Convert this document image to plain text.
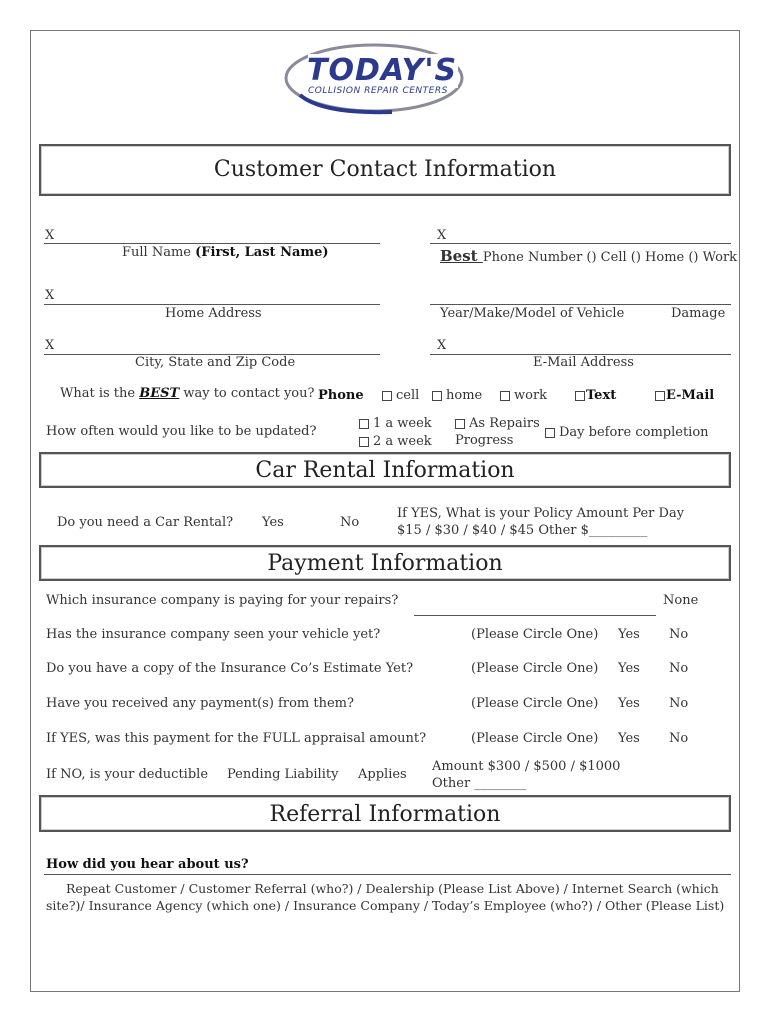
TODAY'S
COLLISION REPAIR CENTERS
Customer Contact Information
X
Full Name (First, Last Name)
X
Best Phone Number () Cell () Home () Work
X
Home Address	Year/Make/Model of Vehicle	Damage
X
City, State and Zip Code
X
E-Mail Address
What is the BEST way to contact you? Phone	cell	home	work	Text	E-Mail
How often would you like to be updated?
1 a week
2 a week
As Repairs
Progress
Day before completion
Car Rental Information
Do you need a Car Rental? Yes	No
If YES, What is your Policy Amount Per Day
$15 / $30 / $40 / $45 Other $_________
Payment Information
Which insurance company is paying for your repairs?	None
Has the insurance company seen your vehicle yet?	(Please Circle One) Yes No
Do you have a copy of the Insurance Co’s Estimate Yet?	(Please Circle One) Yes No
Have you received any payment(s) from them?	(Please Circle One) Yes No
If YES, was this payment for the FULL appraisal amount?	(Please Circle One) Yes No
If NO, is your deductible Pending Liability Applies
Amount $300 / $500 / $1000
Other ________
Referral Information
How did you hear about us?
Repeat Customer / Customer Referral (who?) / Dealership (Please List Above) / Internet Search (which
site?)/ Insurance Agency (which one) / Insurance Company / Today’s Employee (who?) / Other (Please List)
